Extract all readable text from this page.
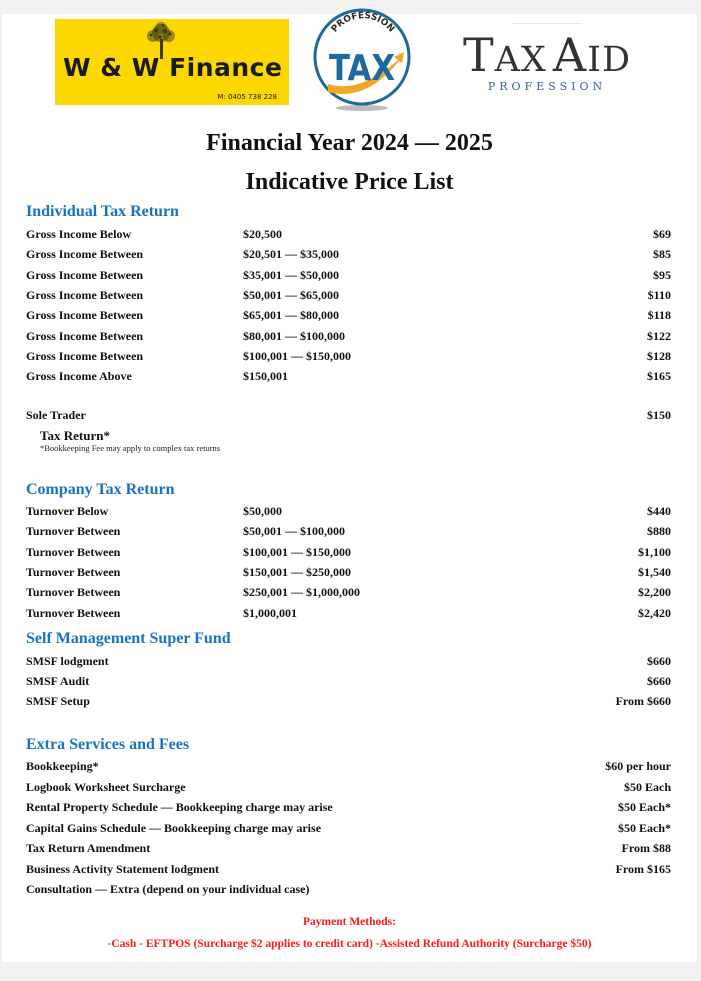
W & W Finance
M: 0405 738 228
PROFESSION
TAX TAX AID
PROFESSION
Financial Year 2024 — 2025
Indicative Price List
Individual Tax Return
Gross Income Below	$20,500	$69
Gross Income Between	$20,501 — $35,000	$85
Gross Income Between	$35,001 — $50,000	$95
Gross Income Between	$50,001 — $65,000	$110
Gross Income Between	$65,001 — $80,000	$118
Gross Income Between	$80,001 — $100,000	$122
Gross Income Between	$100,001 — $150,000	$128
Gross Income Above	$150,001	$165
Sole Trader	$150
Tax Return*
*Bookkeeping Fee may apply to complex tax returns
Company Tax Return
Turnover Below	$50,000	$440
Turnover Between	$50,001 — $100,000	$880
Turnover Between	$100,001 — $150,000	$1,100
Turnover Between	$150,001 — $250,000	$1,540
Turnover Between	$250,001 — $1,000,000	$2,200
Turnover Between	$1,000,001	$2,420
Self Management Super Fund
SMSF lodgment	$660
SMSF Audit	$660
SMSF Setup	From $660
Extra Services and Fees
Bookkeeping*	$60 per hour
Logbook Worksheet Surcharge	$50 Each
Rental Property Schedule — Bookkeeping charge may arise	$50 Each*
Capital Gains Schedule — Bookkeeping charge may arise	$50 Each*
Tax Return Amendment	From $88
Business Activity Statement lodgment	From $165
Consultation — Extra (depend on your individual case)
Payment Methods:
-Cash - EFTPOS (Surcharge $2 applies to credit card) -Assisted Refund Authority (Surcharge $50)
